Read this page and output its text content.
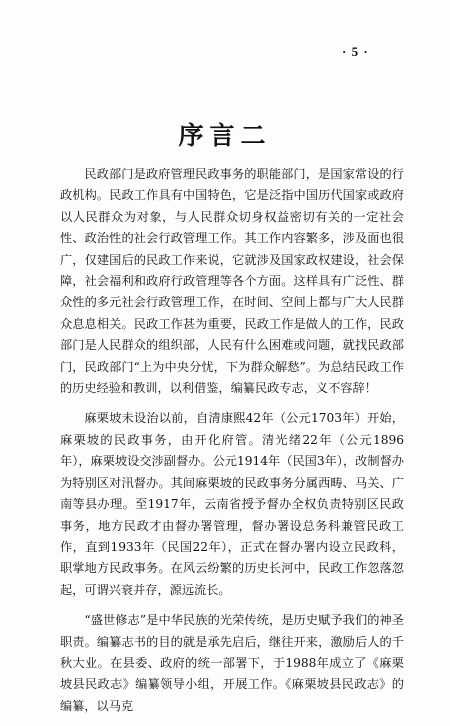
· 5 ·
序言二

民政部门是政府管理民政事务的职能部门，是国家常设的行政机构。民政工作具有中国特色，它是泛指中国历代国家或政府以人民群众为对象，与人民群众切身权益密切有关的一定社会性、政治性的社会行政管理工作。其工作内容繁多，涉及面也很广，仅建国后的民政工作来说，它就涉及国家政权建设，社会保障，社会福利和政府行政管理等各个方面。这样具有广泛性、群众性的多元社会行政管理工作，在时间、空间上都与广大人民群众息息相关。民政工作甚为重要，民政工作是做人的工作，民政部门是人民群众的组织部，人民有什么困难或问题，就找民政部门，民政部门“上为中央分忧，下为群众解愁”。为总结民政工作的历史经验和教训，以利借鉴，编纂民政专志，义不容辞！

麻栗坡未设治以前，自清康熙42年（公元1703年）开始，麻栗坡的民政事务，由开化府管。清光绪22年（公元1896年），麻栗坡设交涉副督办。公元1914年（民国3年），改制督办为特别区对汛督办。其间麻栗坡的民政事务分属西畴、马关、广南等县办理。至1917年，云南省授予督办全权负责特别区民政事务，地方民政才由督办署管理，督办署设总务科兼管民政工作，直到1933年（民国22年），正式在督办署内设立民政科，职掌地方民政事务。在风云纷繁的历史长河中，民政工作忽落忽起，可谓兴衰并存，源远流长。

“盛世修志”是中华民族的光荣传统，是历史赋予我们的神圣职责。编纂志书的目的就是承先启后，继往开来，激励后人的千秋大业。在县委、政府的统一部署下，于1988年成立了《麻栗坡县民政志》编纂领导小组，开展工作。《麻栗坡县民政志》的编纂，以马克
